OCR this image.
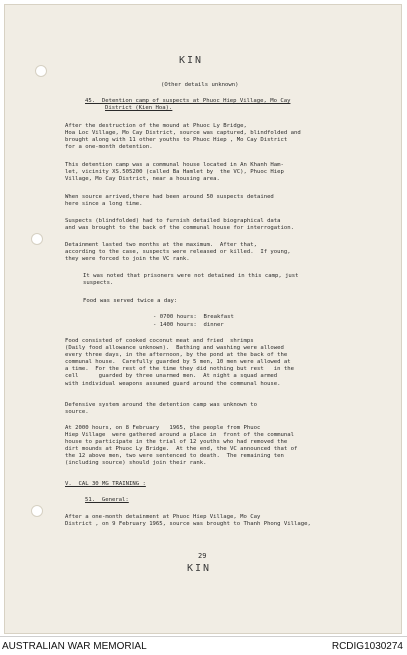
KIN
(Other details unknown)
45.  Detention camp of suspects at Phuoc Hiep Village, Mo Cay
District (Kien Hoa).
After the destruction of the mound at Phuoc Ly Bridge,
Hoa Loc Village, Mo Cay District, source was captured, blindfolded and
brought along with 11 other youths to Phuoc Hiep , Mo Cay District
for a one-month detention.
This detention camp was a communal house located in An Khanh Ham-
let, vicinity XS.505200 (called Ba Hamlet by  the VC), Phuoc Hiep
Village, Mo Cay District, near a housing area.
When source arrived,there had been around 50 suspects detained
here since a long time.
Suspects (blindfolded) had to furnish detailed biographical data
and was brought to the back of the communal house for interrogation.
Detainment lasted two months at the maximum.  After that,
according to the case, suspects were released or killed.  If young,
they were forced to join the VC rank.
It was noted that prisoners were not detained in this camp, just
suspects.
Food was served twice a day:
- 0700 hours:  Breakfast
- 1400 hours:  dinner
Food consisted of cooked coconut meat and fried  shrimps
(Daily food allowance unknown).  Bathing and washing were allowed
every three days, in the afternoon, by the pond at the back of the
communal house.  Carefully guarded by 5 men, 10 men were allowed at
a time.  For the rest of the time they did nothing but rest   in the
cell      guarded by three unarmed men.  At night a squad armed
with individual weapons assumed guard around the communal house.
Defensive system around the detention camp was unknown to
source.
At 2000 hours, on 8 February   1965, the people from Phuoc
Hiep Village  were gathered around a place in  front of the communal
house to participate in the trial of 12 youths who had removed the
dirt mounds at Phuoc Ly Bridge.  At the end, the VC announced that of
the 12 above men, two were sentenced to death.  The remaining ten
(including source) should join their rank.
V.  CAL 30 MG TRAINING :
51.  General:
After a one-month detainment at Phuoc Hiep Village, Mo Cay
District , on 9 February 1965, source was brought to Thanh Phong Village,
29
KIN
AUSTRALIAN WAR MEMORIAL	RCDIG1030274
